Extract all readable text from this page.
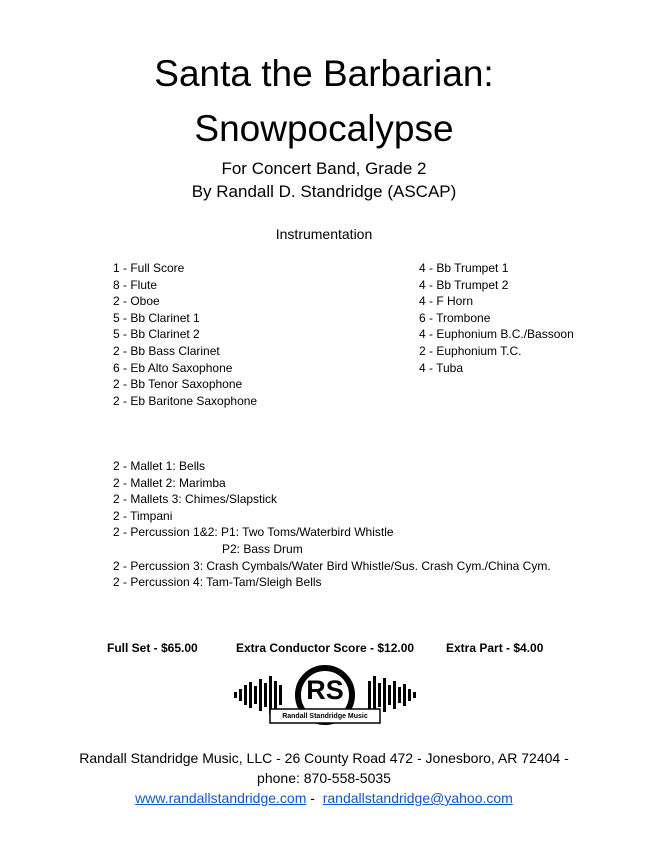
Santa the Barbarian:
Snowpocalypse
For Concert Band, Grade 2
By Randall D. Standridge (ASCAP)
Instrumentation
1 - Full Score
8 - Flute
2 - Oboe
5 - Bb Clarinet 1
5 - Bb Clarinet 2
2 - Bb Bass Clarinet
6 - Eb Alto Saxophone
2 - Bb Tenor Saxophone
2 - Eb Baritone Saxophone
4 - Bb Trumpet 1
4 - Bb Trumpet 2
4 - F Horn
6 - Trombone
4 - Euphonium B.C./Bassoon
2 - Euphonium T.C.
4 - Tuba
2 - Mallet 1: Bells
2 - Mallet 2: Marimba
2 - Mallets 3: Chimes/Slapstick
2 - Timpani
2 - Percussion 1&2: P1: Two Toms/Waterbird Whistle
P2: Bass Drum
2 - Percussion 3: Crash Cymbals/Water Bird Whistle/Sus. Crash Cym./China Cym.
2 - Percussion 4: Tam-Tam/Sleigh Bells
Full Set - $65.00	Extra Conductor Score - $12.00	Extra Part - $4.00
RS
Randall Standridge Music
Randall Standridge Music, LLC - 26 County Road 472 - Jonesboro, AR 72404 -
phone: 870-558-5035
www.randallstandridge.com -  randallstandridge@yahoo.com
